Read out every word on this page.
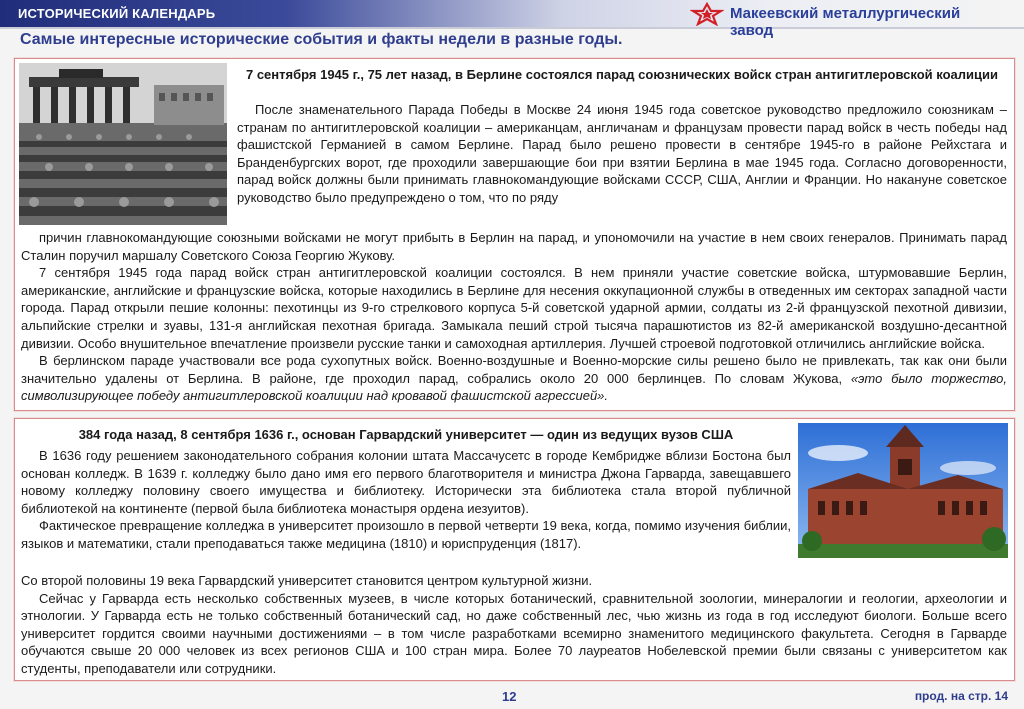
ИСТОРИЧЕСКИЙ КАЛЕНДАРЬ	Макеевский металлургический завод
Самые интересные исторические события и факты недели в разные годы.
7 сентября 1945 г., 75 лет назад, в Берлине состоялся парад союзнических войск стран антигитлеровской коалиции

После знаменательного Парада Победы в Москве 24 июня 1945 года советское руководство предложило союзникам – странам по антигитлеровской коалиции – американцам, англичанам и французам провести парад войск в честь победы над фашистской Германией в самом Берлине. Парад было решено провести в сентябре 1945-го в районе Рейхстага и Бранденбургских ворот, где проходили завершающие бои при взятии Берлина в мае 1945 года. Согласно договоренности, парад войск должны были принимать главнокомандующие войсками СССР, США, Англии и Франции. Но накануне советское руководство было предупреждено о том, что по ряду

причин главнокомандующие союзными войсками не могут прибыть в Берлин на парад, и упономочили на участие в нем своих генералов. Принимать парад Сталин поручил маршалу Советского Союза Георгию Жукову.

7 сентября 1945 года парад войск стран антигитлеровской коалиции состоялся. В нем приняли участие советские войска, штурмовавшие Берлин, американские, английские и французские войска, которые находились в Берлине для несения оккупационной службы в отведенных им секторах западной части города. Парад открыли пешие колонны: пехотинцы из 9-го стрелкового корпуса 5-й советской ударной армии, солдаты из 2-й французской пехотной дивизии, альпийские стрелки и зуавы, 131-я английская пехотная бригада. Замыкала пеший строй тысяча парашютистов из 82-й американской воздушно-десантной дивизии. Особо внушительное впечатление произвели русские танки и самоходная артиллерия. Лучшей строевой подготовкой отличились английские войска.

В берлинском параде участвовали все рода сухопутных войск. Военно-воздушные и Военно-морские силы решено было не привлекать, так как они были значительно удалены от Берлина. В районе, где проходил парад, собрались около 20 000 берлинцев. По словам Жукова, «это было торжество, символизирующее победу антигитлеровской коалиции над кровавой фашистской агрессией».

384 года назад, 8 сентября 1636 г., основан Гарвардский университет — один из ведущих вузов США

В 1636 году решением законодательного собрания колонии штата Массачусетс в городе Кембридже вблизи Бостона был основан колледж. В 1639 г. колледжу было дано имя его первого благотворителя и министра Джона Гарварда, завещавшего новому колледжу половину своего имущества и библиотеку. Исторически эта библиотека стала второй публичной библиотекой на континенте (первой была библиотека монастыря ордена иезуитов).

Фактическое превращение колледжа в университет произошло в первой четверти 19 века, когда, помимо изучения библии, языков и математики, стали преподаваться также медицина (1810) и юриспруденция (1817).

Со второй половины 19 века Гарвардский университет становится центром культурной жизни.

Сейчас у Гарварда есть несколько собственных музеев, в числе которых ботанический, сравнительной зоологии, минералогии и геологии, археологии и этнологии. У Гарварда есть не только собственный ботанический сад, но даже собственный лес, чью жизнь из года в год исследуют биологи. Больше всего университет гордится своими научными достижениями – в том числе разработками всемирно знаменитого медицинского факультета. Сегодня в Гарварде обучаются свыше 20 000 человек из всех регионов США и 100 стран мира. Более 70 лауреатов Нобелевской премии были связаны с университетом как студенты, преподаватели или сотрудники.

12	прод. на стр. 14
